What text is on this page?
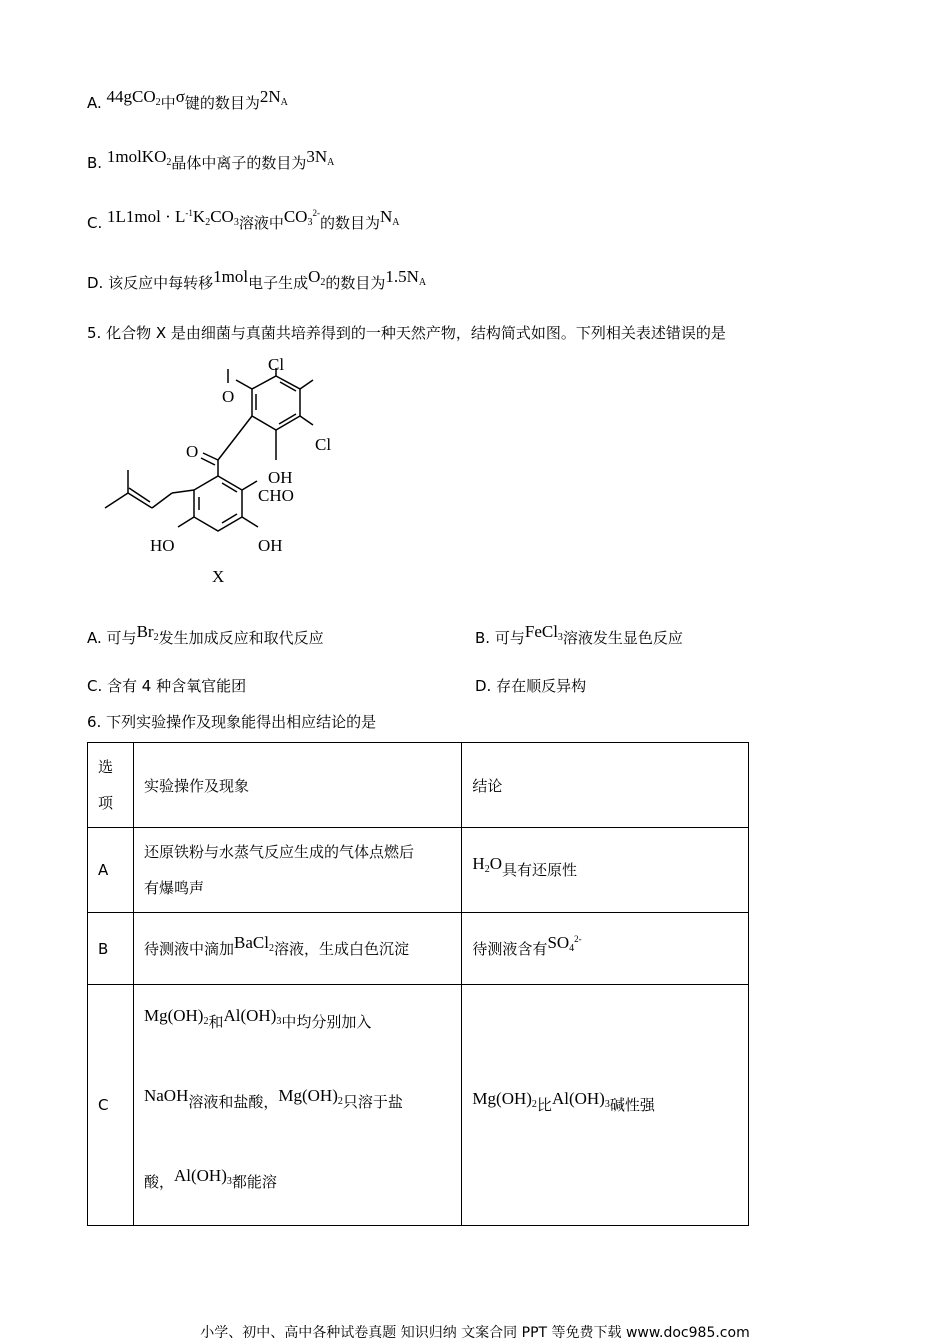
A. 44gCO$_2$中σ键的数目为$2N_A$
B. 1molKO$_2$晶体中离子的数目为$3N_A$
C. $1L1mol \cdot L^{-1}K_2CO_3$溶液中$CO_3^{2-}$的数目为$N_A$
D. 该反应中每转移1mol电子生成$O_2$的数目为$1.5N_A$
5. 化合物 X 是由细菌与真菌共培养得到的一种天然产物，结构简式如图。下列相关表述错误的是
Cl
Cl
OH
CHO
O
HO	OH
X
O
A. 可与$Br_2$发生加成反应和取代反应	B. 可与FeCl$_3$溶液发生显色反应
C. 含有 4 种含氧官能团	D. 存在顺反异构
6. 下列实验操作及现象能得出相应结论的是
选
项	实验操作及现象	结论
A	还原铁粉与水蒸气反应生成的气体点燃后
有爆鸣声	$H_2O$具有还原性
B	待测液中滴加BaCl$_2$溶液，生成白色沉淀	待测液含有$SO_4^{2-}$
C	$Mg(OH)_2$和$Al(OH)_3$中均分别加入
NaOH溶液和盐酸，$Mg(OH)_2$只溶于盐
酸，$Al(OH)_3$都能溶	$Mg(OH)_2$比$Al(OH)_3$碱性强
小学、初中、高中各种试卷真题 知识归纳 文案合同 PPT 等免费下载 www.doc985.com
